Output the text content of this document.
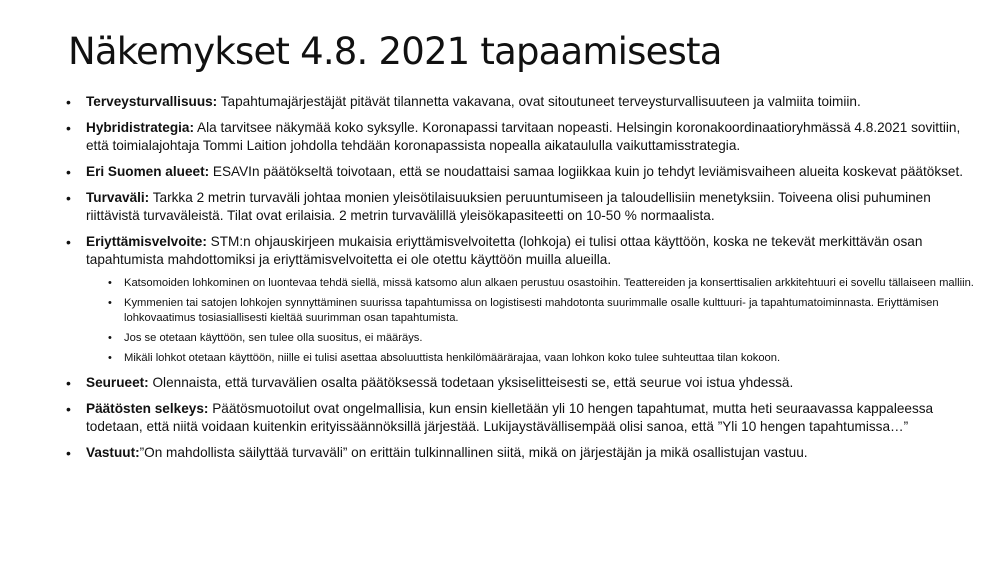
Näkemykset 4.8. 2021 tapaamisesta
• Terveysturvallisuus: Tapahtumajärjestäjät pitävät tilannetta vakavana, ovat sitoutuneet terveysturvallisuuteen ja valmiita toimiin.
• Hybridistrategia: Ala tarvitsee näkymää koko syksylle. Koronapassi tarvitaan nopeasti. Helsingin koronakoordinaatioryhmässä 4.8.2021 sovittiin, että toimialajohtaja Tommi Laition johdolla tehdään koronapassista nopealla aikataululla vaikuttamisstrategia.
• Eri Suomen alueet: ESAVIn päätökseltä toivotaan, että se noudattaisi samaa logiikkaa kuin jo tehdyt leviämisvaiheen alueita koskevat päätökset.
• Turvaväli: Tarkka 2 metrin turvaväli johtaa monien yleisötilaisuuksien peruuntumiseen ja taloudellisiin menetyksiin. Toiveena olisi puhuminen riittävistä turvaväleistä. Tilat ovat erilaisia. 2 metrin turvavälillä yleisökapasiteetti on 10-50 % normaalista.
• Eriyttämisvelvoite: STM:n ohjauskirjeen mukaisia eriyttämisvelvoitetta (lohkoja) ei tulisi ottaa käyttöön, koska ne tekevät merkittävän osan tapahtumista mahdottomiksi ja eriyttämisvelvoitetta ei ole otettu käyttöön muilla alueilla.
• Katsomoiden lohkominen on luontevaa tehdä siellä, missä katsomo alun alkaen perustuu osastoihin. Teattereiden ja konserttisalien arkkitehtuuri ei sovellu tällaiseen malliin.
• Kymmenien tai satojen lohkojen synnyttäminen suurissa tapahtumissa on logistisesti mahdotonta suurimmalle osalle kulttuuri- ja tapahtumatoiminnasta. Eriyttämisen lohkovaatimus tosiasiallisesti kieltää suurimman osan tapahtumista.
• Jos se otetaan käyttöön, sen tulee olla suositus, ei määräys.
• Mikäli lohkot otetaan käyttöön, niille ei tulisi asettaa absoluuttista henkilömäärärajaa, vaan lohkon koko tulee suhteuttaa tilan kokoon.
• Seurueet: Olennaista, että turvavälien osalta päätöksessä todetaan yksiselitteisesti se, että seurue voi istua yhdessä.
• Päätösten selkeys: Päätösmuotoilut ovat ongelmallisia, kun ensin kielletään yli 10 hengen tapahtumat, mutta heti seuraavassa kappaleessa todetaan, että niitä voidaan kuitenkin erityissäännöksillä järjestää. Lukijaystävällisempää olisi sanoa, että ”Yli 10 hengen tapahtumissa…”
• Vastuut:”On mahdollista säilyttää turvaväli” on erittäin tulkinnallinen siitä, mikä on järjestäjän ja mikä osallistujan vastuu.
